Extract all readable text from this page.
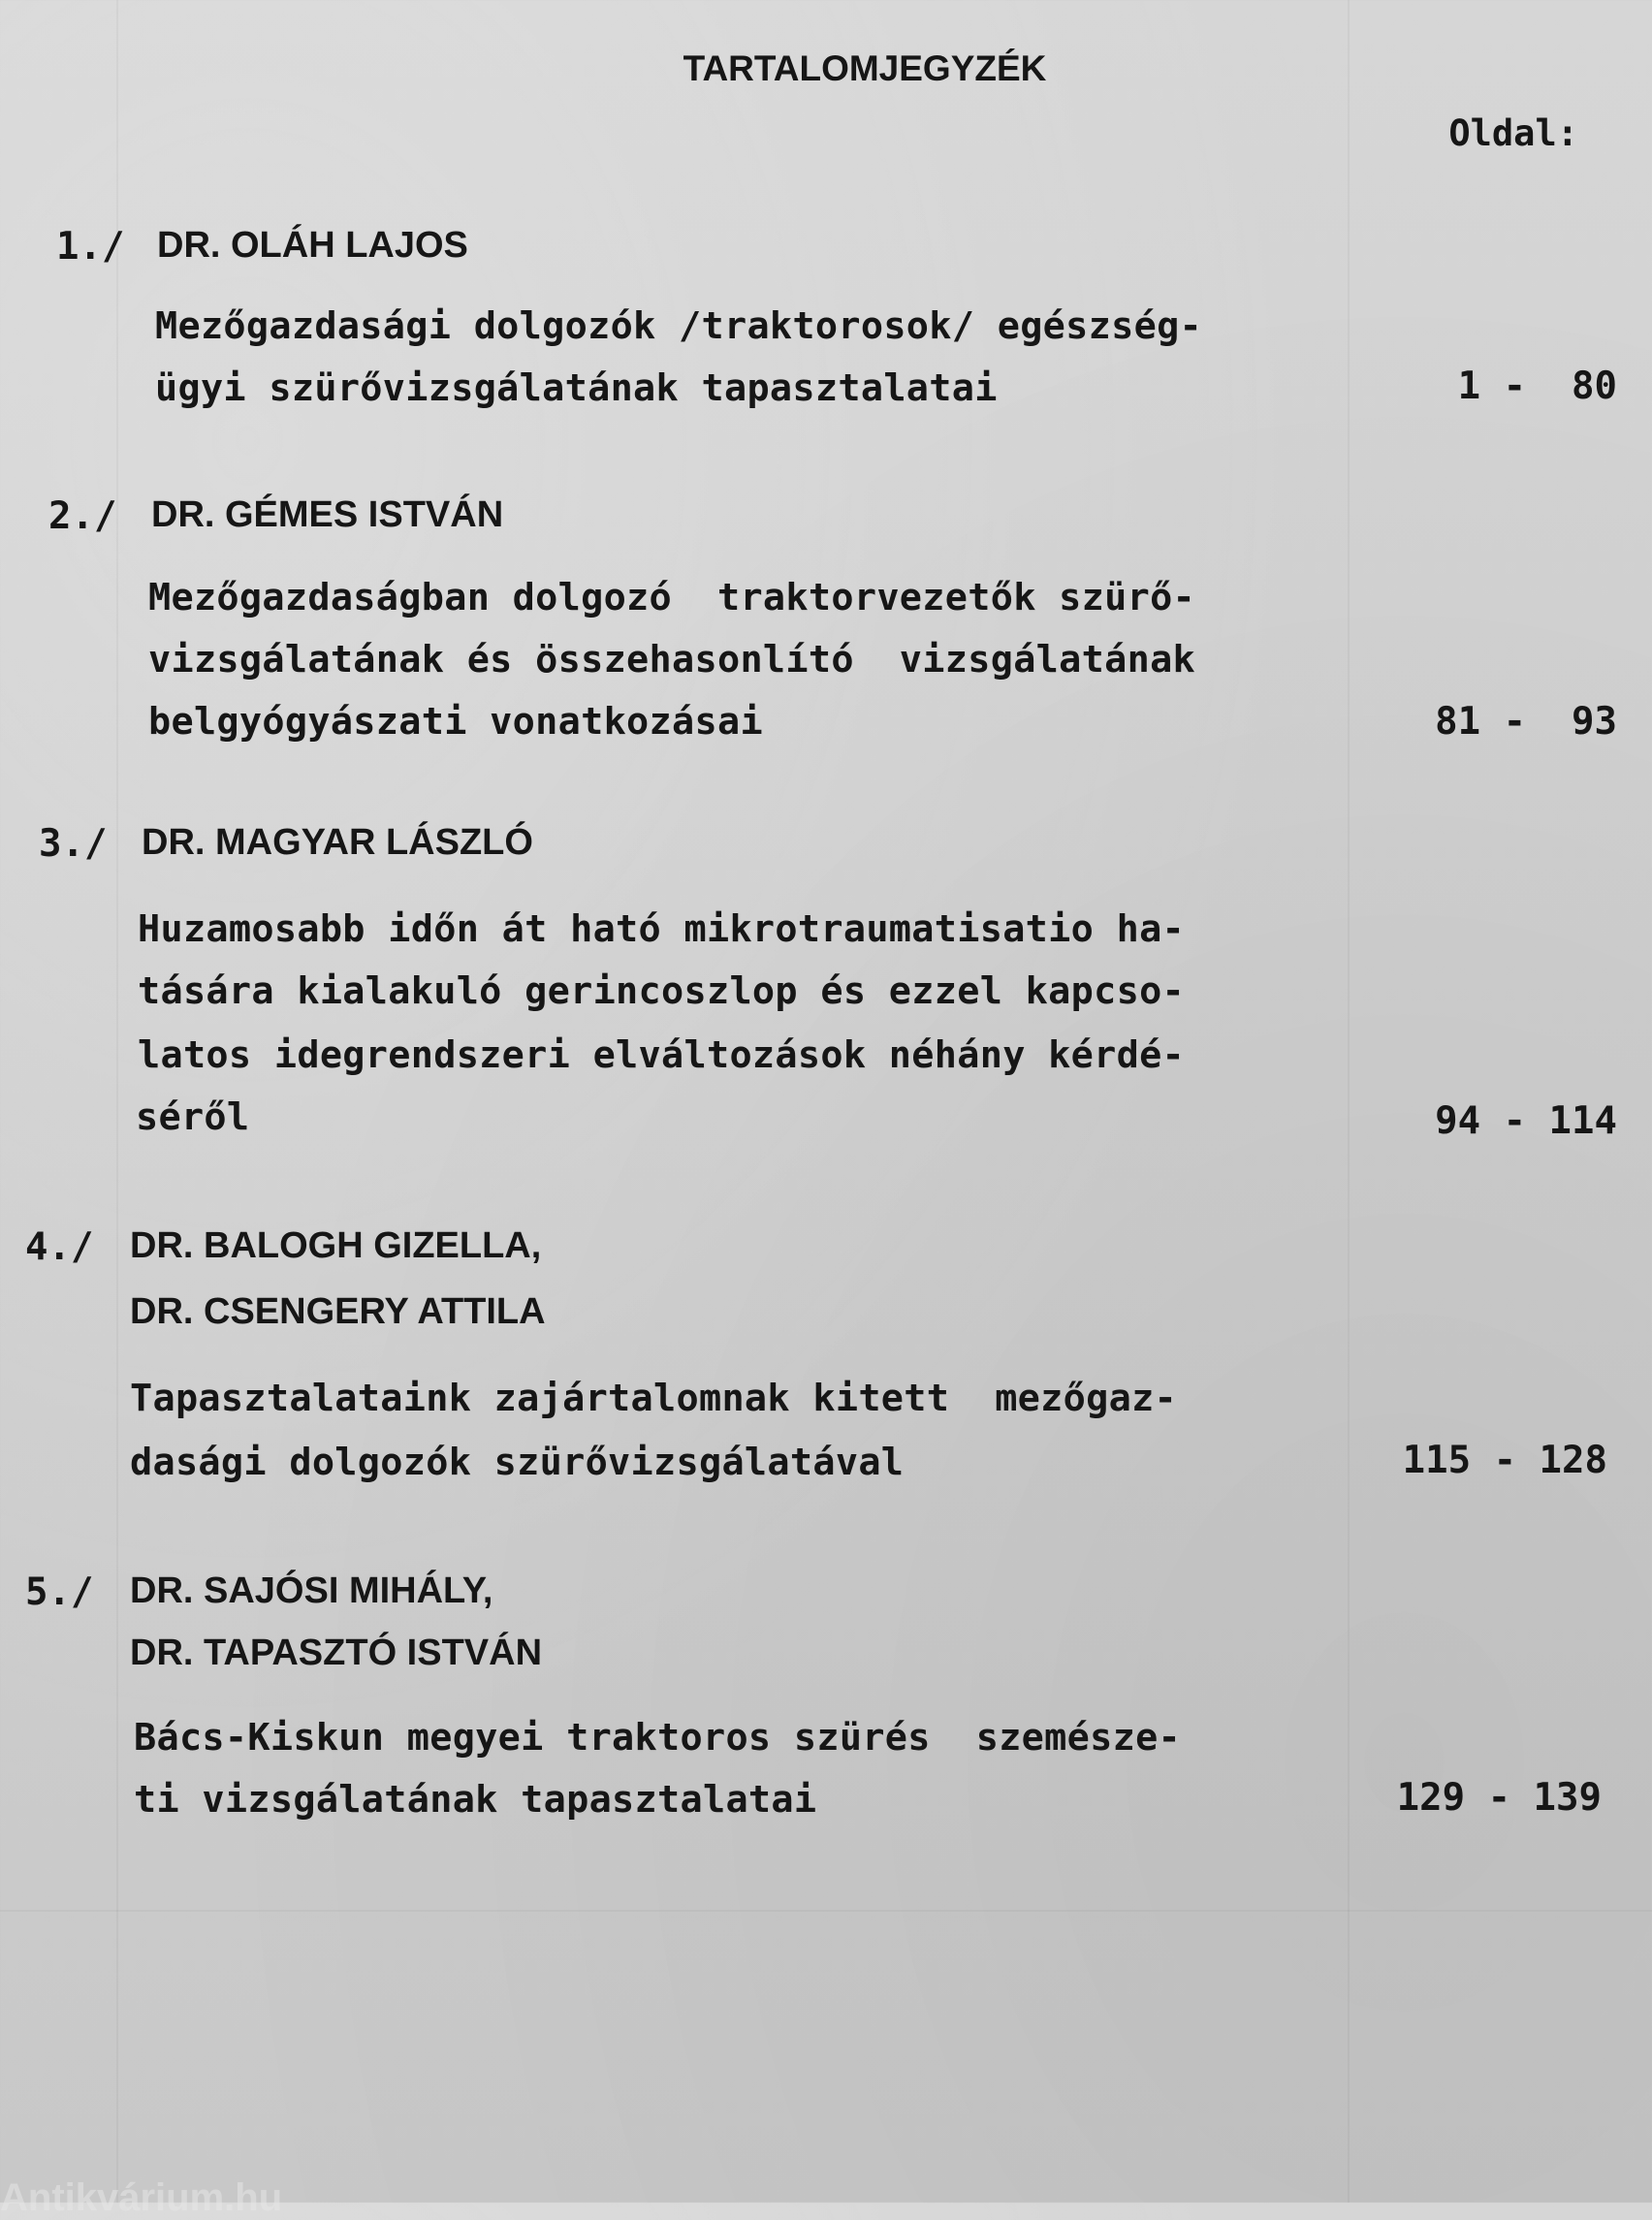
TARTALOMJEGYZÉK
Oldal:
1./ DR. OLÁH LAJOS
Mezőgazdasági dolgozók /traktorosok/ egészség-
ügyi szürővizsgálatának tapasztalatai	1 -  80
2./ DR. GÉMES ISTVÁN
Mezőgazdaságban dolgozó  traktorvezetők szürő-
vizsgálatának és összehasonlító  vizsgálatának
belgyógyászati vonatkozásai	81 -  93
3./ DR. MAGYAR LÁSZLÓ
Huzamosabb időn át ható mikrotraumatisatio ha-
tására kialakuló gerincoszlop és ezzel kapcso-
latos idegrendszeri elváltozások néhány kérdé-
séről	94 - 114
4./ DR. BALOGH GIZELLA,
DR. CSENGERY ATTILA
Tapasztalataink zajártalomnak kitett  mezőgaz-
dasági dolgozók szürővizsgálatával	115 - 128
5./ DR. SAJÓSI MIHÁLY,
DR. TAPASZTÓ ISTVÁN
Bács-Kiskun megyei traktoros szürés  szemésze-
ti vizsgálatának tapasztalatai	129 - 139
Antikvárium.hu
